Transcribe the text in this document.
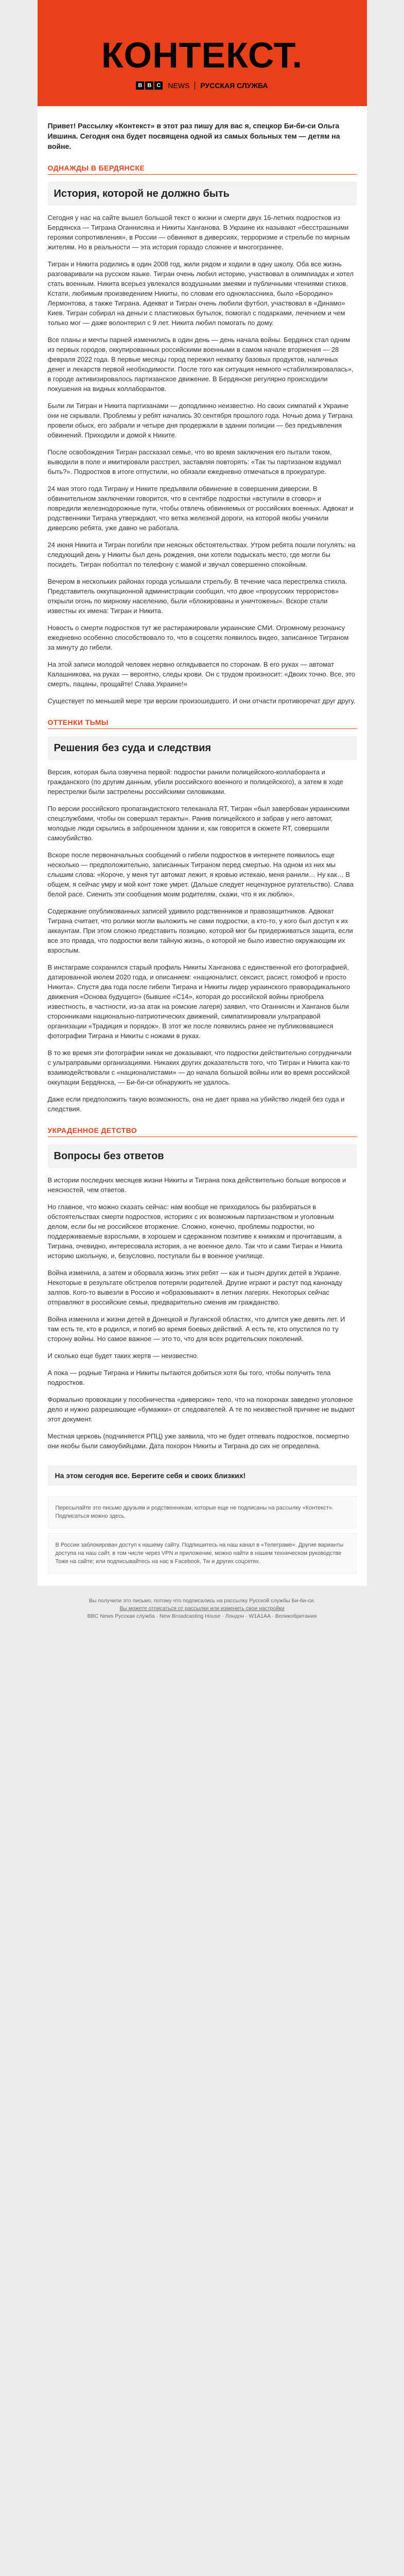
КОНТЕКСТ.
B B C NEWS РУССКАЯ СЛУЖБА

Привет! Рассылку «Контекст» в этот раз пишу для вас я, спецкор Би-би-си Ольга Ившина. Сегодня она будет посвящена одной из самых больных тем — детям на войне.

ОДНАЖДЫ В БЕРДЯНСКЕ
История, которой не должно быть

Сегодня у нас на сайте вышел большой текст о жизни и смерти двух 16-летних подростков из Бердянска — Тиграна Оганнисяна и Никиты Ханганова. В Украине их называют «бесстрашными героями сопротивления», в России — обвиняют в диверсиях, терроризме и стрельбе по мирным жителям. Но в реальности — эта история гораздо сложнее и многограннее.

Тигран и Никита родились в один 2008 год, жили рядом и ходили в одну школу. Оба все жизнь разговаривали на русском языке. Тигран очень любил историю, участвовал в олимпиадах и хотел стать военным. Никита всерьез увлекался воздушными змеями и публичными чтениями стихов. Кстати, любимым произведением Никиты, по словам его одноклассника, было «Бородино» Лермонтова, а также Тиграна. Адекват и Тигран очень любили футбол, участвовал в «Динамо» Киев. Тигран собирал на деньги с пластиковых бутылок, помогал с подарками, лечением и чем только мог — даже волонтерил с 9 лет. Никита любил помогать по дому.

Все планы и мечты парней изменились в один день — день начала войны. Бердянск стал одним из первых городов, оккупированных российскими военными в самом начале вторжения — 28 февраля 2022 года. В первые месяцы город пережил нехватку базовых продуктов, наличных денег и лекарств первой необходимости. После того как ситуация немного «стабилизировалась», в городе активизировалось партизанское движение. В Бердянске регулярно происходили покушения на видных коллаборантов.

Были ли Тигран и Никита партизанами — доподлинно неизвестно. Но своих симпатий к Украине они не скрывали. Проблемы у ребят начались 30 сентября прошлого года. Ночью дома у Тиграна провели обыск, его забрали и четыре дня продержали в здании полиции — без предъявления обвинений. Приходили и домой к Никите.

После освобождения Тигран рассказал семье, что во время заключения его пытали током, выводили в поле и имитировали расстрел, заставляя повторять: «Так ты партизаном вздумал быть?». Подростков в итоге отпустили, но обязали ежедневно отмечаться в прокуратуре.

24 мая этого года Тиграну и Никите предъявили обвинение в совершении диверсии. В обвинительном заключении говорится, что в сентябре подростки «вступили в сговор» и повредили железнодорожные пути, чтобы отвлечь обвиняемых от российских военных. Адвокат и родственники Тиграна утверждают, что ветка железной дороги, на которой якобы учинили диверсию ребята, уже давно не работала.

24 июня Никита и Тигран погибли при неясных обстоятельствах. Утром ребята пошли погулять: на следующий день у Никиты был день рождения, они хотели подыскать место, где могли бы посидеть. Тигран поболтал по телефону с мамой и звучал совершенно спокойным.

Вечером в нескольких районах города услышали стрельбу. В течение часа перестрелка стихла. Представитель оккупационной администрации сообщил, что двое «прорусских террористов» открыли огонь по мирному населению, были «блокированы и уничтожены». Вскоре стали известны их имена: Тигран и Никита.

Новость о смерти подростков тут же растиражировали украинские СМИ. Огромному резонансу ежедневно особенно способствовало то, что в соцсетях появилось видео, записанное Тиграном за минуту до гибели.

На этой записи молодой человек нервно оглядывается по сторонам. В его руках — автомат Калашникова, на руках — вероятно, следы крови. Он с трудом произносит: «Двоих точно. Все, это смерть, пацаны, прощайте! Слава Украине!»

Существует по меньшей мере три версии произошедшего. И они отчасти противоречат друг другу.

ОТТЕНКИ ТЬМЫ
Решения без суда и следствия

Версия, которая была озвучена первой: подростки ранили полицейского-коллаборанта и гражданского (по другим данным, убили российского военного и полицейского), а затем в ходе перестрелки были застрелены российскими силовиками.

По версии российского пропагандистского телеканала RT, Тигран «был завербован украинскими спецслужбами, чтобы он совершал теракты». Ранив полицейского и забрав у него автомат, молодые люди скрылись в заброшенном здании и, как говорится в сюжете RT, совершили самоубийство.

Вскоре после первоначальных сообщений о гибели подростков в интернете появилось еще несколько — предположительно, записанных Тиграном перед смертью. На одном из них мы слышим слова: «Короче, у меня тут автомат лежит, я кровью истекаю, меня ранили… Ну как… В общем, я сейчас умру и мой конт тоже умрет. (Дальше следует нецензурное ругательство). Слава белой расе. Сиенить эти сообщения моим родителям, скажи, что я их люблю».

Содержание опубликованных записей удивило родственников и правозащитников. Адвокат Тиграна считает, что ролики могли выложить не сами подростки, а кто-то, у кого был доступ к их аккаунтам. При этом сложно представить позицию, которой мог бы придерживаться защита, если все это правда, что подростки вели тайную жизнь, о которой не было известно окружающим их взрослым.

В инстаграме сохранился старый профиль Никиты Ханганова с единственной его фотографией, датированной июлем 2020 года, и описанием: «националист, сексист, расист, гомофоб и просто Никита». Спустя два года после гибели Тиграна и Никиты лидер украинского праворадикального движения «Основа будущего» (бывшее «С14», которая до российской войны приобрела известность, в частности, из-за атак на ромские лагеря) заявил, что Оганнисян и Ханганов были сторонниками национально-патриотических движений, симпатизировали ультраправой организации «Традиция и порядок». В этот же после появились ранее не публиковавшиеся фотографии Тиграна и Никиты с ножами в руках.

В то же время эти фотографии никак не доказывают, что подростки действительно сотрудничали с ультраправыми организациями. Никаких других доказательств того, что Тигран и Никита как-то взаимодействовали с «националистами» — до начала большой войны или во время российской оккупации Бердянска, — Би-би-си обнаружить не удалось.

Даже если предположить такую возможность, она не дает права на убийство людей без суда и следствия.

УКРАДЕННОЕ ДЕТСТВО
Вопросы без ответов

В истории последних месяцев жизни Никиты и Тиграна пока действительно больше вопросов и неясностей, чем ответов.

Но главное, что можно сказать сейчас: нам вообще не приходилось бы разбираться в обстоятельствах смерти подростков, историях с их возможным партизанством и уголовным делом, если бы не российское вторжение. Сложно, конечно, проблемы подростки, но поддерживаемые взрослыми, в хорошем и сдержанном позитиве к книжкам и прочитавшим, а Тиграна, очевидно, интересовала история, а не военное дело. Так что и сами Тигран и Никита историю школьную, и, безусловно, поступали бы в военное училище.

Война изменила, а затем и оборвала жизнь этих ребят — как и тысяч других детей в Украине. Некоторые в результате обстрелов потеряли родителей. Другие играют и растут под канонаду залпов. Кого-то вывезли в Россию и «образовывают» в летних лагерях. Некоторых сейчас отправляют в российские семьи, предварительно сменив им гражданство.

Война изменила и жизни детей в Донецкой и Луганской областях, что длится уже девять лет. И там есть те, кто в родился, и погиб во время боевых действий. А есть те, кто опустился по ту сторону войны. Но самое важное — это то, что для всех родительских поколений.

И сколько еще будет таких жертв — неизвестно.

А пока — родные Тиграна и Никиты пытаются добиться хотя бы того, чтобы получить тела подростков.

Формально провокации у пособничества «диверсию» тело, что на похоронах заведено уголовное дело и нужно разрешающие «бумажки» от следователей. А те по неизвестной причине не выдают этот документ.

Местная церковь (подчиняется РПЦ) уже заявила, что не будет отпевать подростков, посмертно они якобы были самоубийцами. Дата похорон Никиты и Тиграна до сих не определена.

На этом сегодня все. Берегите себя и своих близких!
Пересылайте это письмо друзьям и родственникам, которые еще не подписаны на рассылку «Контекст». Подписаться можно здесь.
В России заблокирован доступ к нашему сайту. Подпишитесь на наш канал в «Телеграме». Другие варианты доступа на наш сайт, в том числе через VPN и приложение, можно найти в нашем техническом руководстве Тоже на сайте; или подписывайтесь на нас в Facebook, Tw и других соцсетях.

Вы получили это письмо, потому что подписались на рассылку Русской службы Би-би-си.

Вы можете отписаться от рассылки или изменить свои настройки

BBC News Русская служба · New Broadcasting House · Лондон · W1A1AA · Великобритания
